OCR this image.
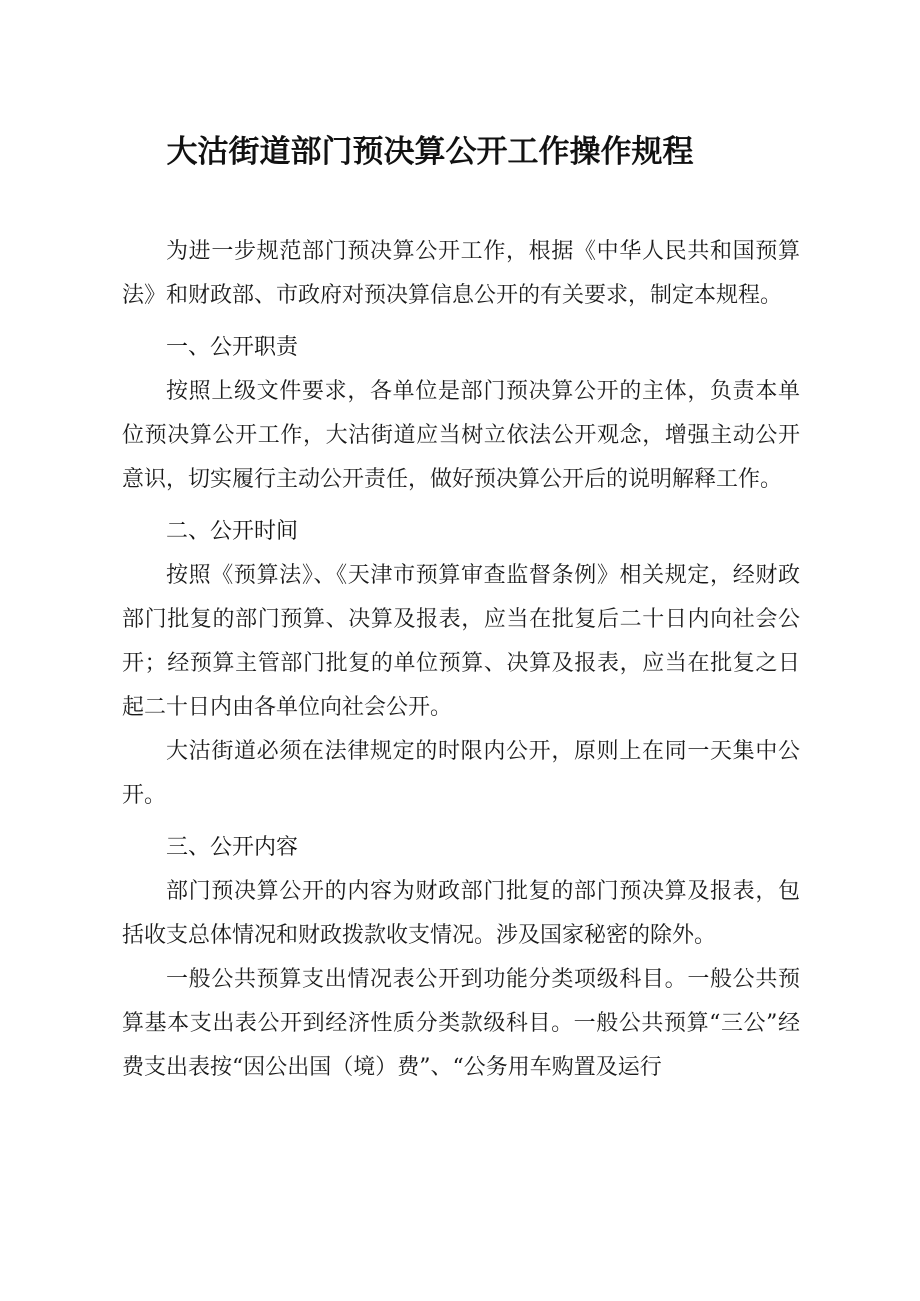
大沽街道部门预决算公开工作操作规程

为进一步规范部门预决算公开工作，根据《中华人民共和国预算法》和财政部、市政府对预决算信息公开的有关要求，制定本规程。

一、公开职责

按照上级文件要求，各单位是部门预决算公开的主体，负责本单位预决算公开工作，大沽街道应当树立依法公开观念，增强主动公开意识，切实履行主动公开责任，做好预决算公开后的说明解释工作。

二、公开时间

按照《预算法》、《天津市预算审查监督条例》相关规定，经财政部门批复的部门预算、决算及报表，应当在批复后二十日内向社会公开；经预算主管部门批复的单位预算、决算及报表，应当在批复之日起二十日内由各单位向社会公开。

大沽街道必须在法律规定的时限内公开，原则上在同一天集中公开。

三、公开内容

部门预决算公开的内容为财政部门批复的部门预决算及报表，包括收支总体情况和财政拨款收支情况。涉及国家秘密的除外。

一般公共预算支出情况表公开到功能分类项级科目。一般公共预算基本支出表公开到经济性质分类款级科目。一般公共预算“三公”经费支出表按“因公出国（境）费”、“公务用车购置及运行
